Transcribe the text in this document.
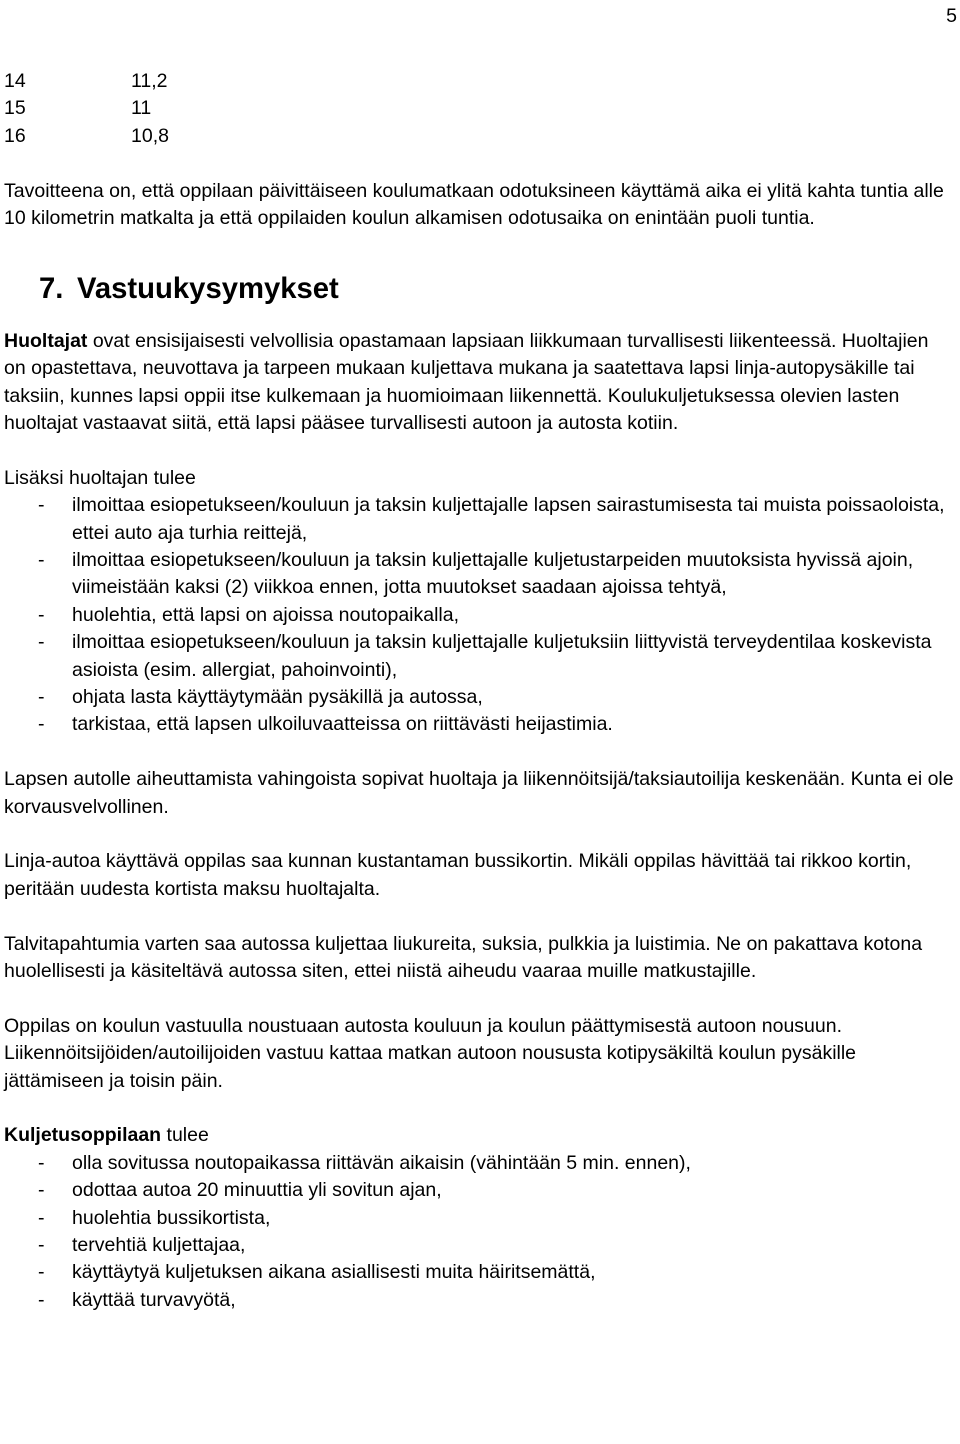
5
14	11,2
15	11
16	10,8

Tavoitteena on, että oppilaan päivittäiseen koulumatkaan odotuksineen käyttämä aika ei ylitä kahta tuntia alle 10 kilometrin matkalta ja että oppilaiden koulun alkamisen odotusaika on enintään puoli tuntia.

7. Vastuukysymykset

Huoltajat ovat ensisijaisesti velvollisia opastamaan lapsiaan liikkumaan turvallisesti liikenteessä. Huoltajien on opastettava, neuvottava ja tarpeen mukaan kuljettava mukana ja saatettava lapsi linja-autopysäkille tai taksiin, kunnes lapsi oppii itse kulkemaan ja huomioimaan liikennettä. Koulukuljetuksessa olevien lasten huoltajat vastaavat siitä, että lapsi pääsee turvallisesti autoon ja autosta kotiin.

Lisäksi huoltajan tulee

- ilmoittaa esiopetukseen/kouluun ja taksin kuljettajalle lapsen sairastumisesta tai muista poissaoloista, ettei auto aja turhia reittejä,
- ilmoittaa esiopetukseen/kouluun ja taksin kuljettajalle kuljetustarpeiden muutoksista hyvissä ajoin, viimeistään kaksi (2) viikkoa ennen, jotta muutokset saadaan ajoissa tehtyä,
- huolehtia, että lapsi on ajoissa noutopaikalla,
- ilmoittaa esiopetukseen/kouluun ja taksin kuljettajalle kuljetuksiin liittyvistä terveydentilaa koskevista asioista (esim. allergiat, pahoinvointi),
- ohjata lasta käyttäytymään pysäkillä ja autossa,
- tarkistaa, että lapsen ulkoiluvaatteissa on riittävästi heijastimia.

Lapsen autolle aiheuttamista vahingoista sopivat huoltaja ja liikennöitsijä/taksiautoilija keskenään. Kunta ei ole korvausvelvollinen.

Linja-autoa käyttävä oppilas saa kunnan kustantaman bussikortin. Mikäli oppilas hävittää tai rikkoo kortin, peritään uudesta kortista maksu huoltajalta.

Talvitapahtumia varten saa autossa kuljettaa liukureita, suksia, pulkkia ja luistimia. Ne on pakattava kotona huolellisesti ja käsiteltävä autossa siten, ettei niistä aiheudu vaaraa muille matkustajille.

Oppilas on koulun vastuulla noustuaan autosta kouluun ja koulun päättymisestä autoon nousuun. Liikennöitsijöiden/autoilijoiden vastuu kattaa matkan autoon noususta kotipysäkiltä koulun pysäkille jättämiseen ja toisin päin.

Kuljetusoppilaan tulee

- olla sovitussa noutopaikassa riittävän aikaisin (vähintään 5 min. ennen),
- odottaa autoa 20 minuuttia yli sovitun ajan,
- huolehtia bussikortista,
- tervehtiä kuljettajaa,
- käyttäytyä kuljetuksen aikana asiallisesti muita häiritsemättä,
- käyttää turvavyötä,
